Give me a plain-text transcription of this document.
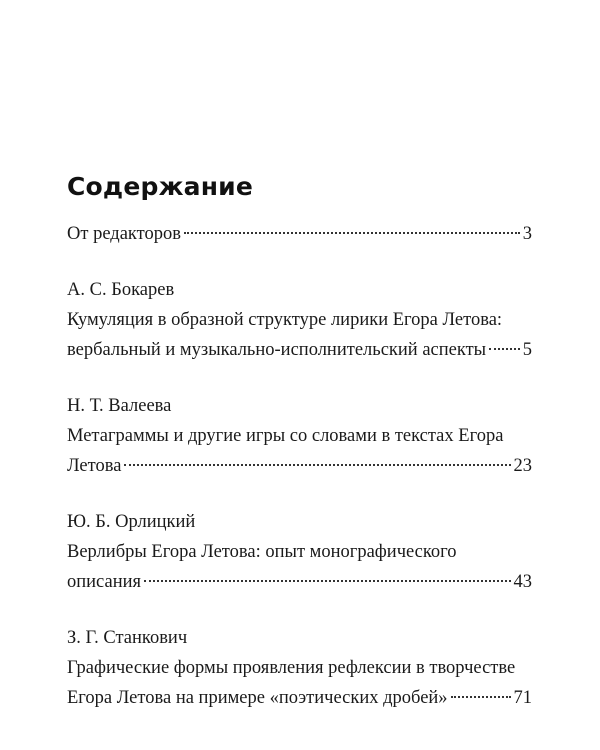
Содержание
От редакторов	3
А. С. Бокарев
Кумуляция в образной структуре лирики Егора Летова:
вербальный и музыкально-исполнительский аспекты 5
Н. Т. Валеева
Метаграммы и другие игры со словами в текстах Егора
Летова	23
Ю. Б. Орлицкий
Верлибры Егора Летова: опыт монографического
описания	43
З. Г. Станкович
Графические формы проявления рефлексии в творчестве
Егора Летова на примере «поэтических дробей»	71
